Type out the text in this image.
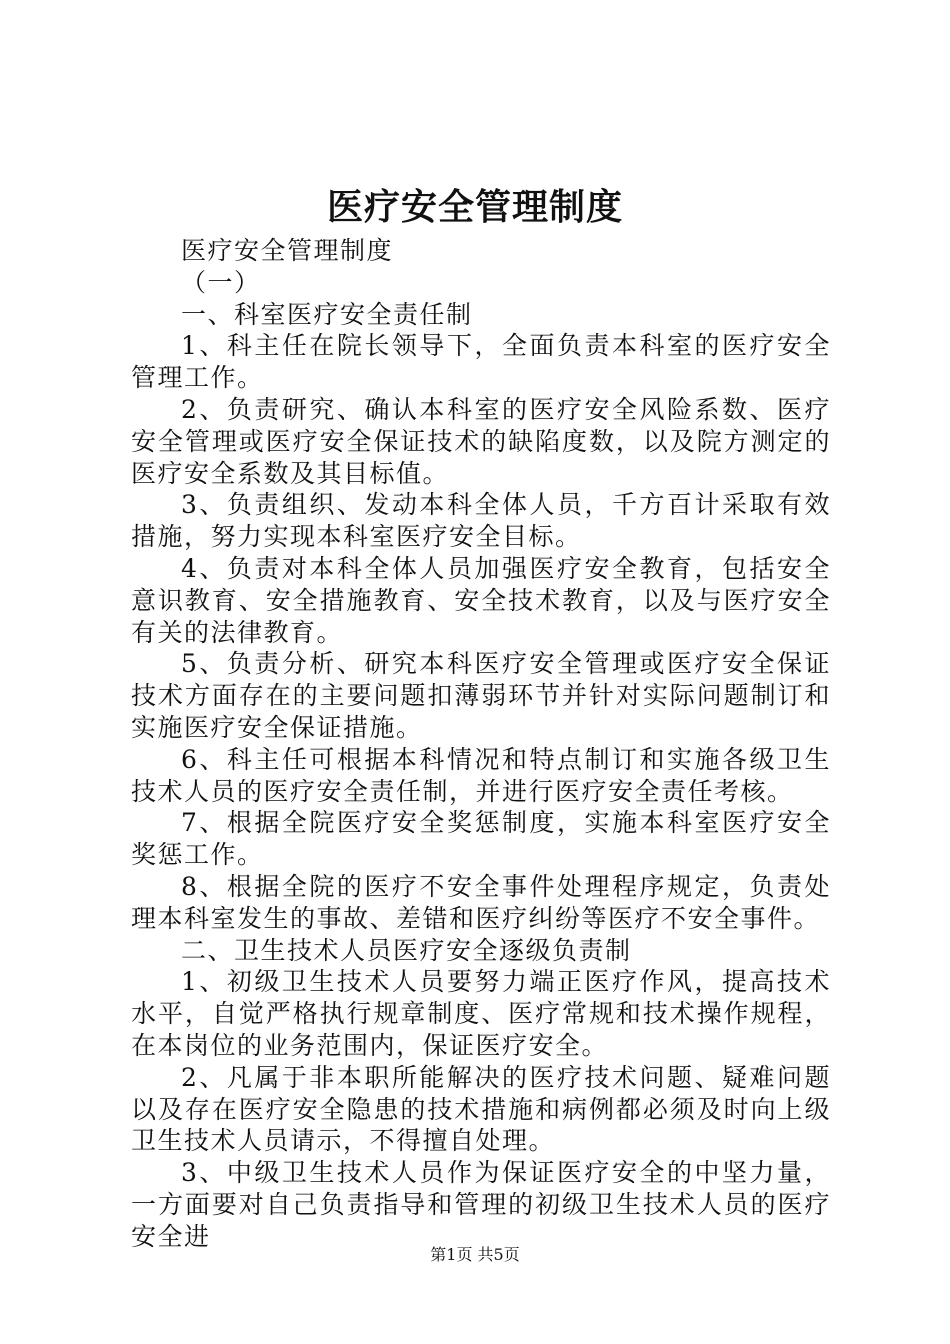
医疗安全管理制度

医疗安全管理制度

（一）

一、科室医疗安全责任制

1、科主任在院长领导下，全面负责本科室的医疗安全管理工作。

2、负责研究、确认本科室的医疗安全风险系数、医疗安全管理或医疗安全保证技术的缺陷度数，以及院方测定的医疗安全系数及其目标值。

3、负责组织、发动本科全体人员，千方百计采取有效措施，努力实现本科室医疗安全目标。

4、负责对本科全体人员加强医疗安全教育，包括安全意识教育、安全措施教育、安全技术教育，以及与医疗安全有关的法律教育。

5、负责分析、研究本科医疗安全管理或医疗安全保证技术方面存在的主要问题扣薄弱环节并针对实际问题制订和实施医疗安全保证措施。

6、科主任可根据本科情况和特点制订和实施各级卫生技术人员的医疗安全责任制，并进行医疗安全责任考核。

7、根据全院医疗安全奖惩制度，实施本科室医疗安全奖惩工作。

8、根据全院的医疗不安全事件处理程序规定，负责处理本科室发生的事故、差错和医疗纠纷等医疗不安全事件。

二、卫生技术人员医疗安全逐级负责制

1、初级卫生技术人员要努力端正医疗作风，提高技术水平，自觉严格执行规章制度、医疗常规和技术操作规程，在本岗位的业务范围内，保证医疗安全。

2、凡属于非本职所能解决的医疗技术问题、疑难问题以及存在医疗安全隐患的技术措施和病例都必须及时向上级卫生技术人员请示，不得擅自处理。

3、中级卫生技术人员作为保证医疗安全的中坚力量，一方面要对自己负责指导和管理的初级卫生技术人员的医疗安全进

第1页 共5页
